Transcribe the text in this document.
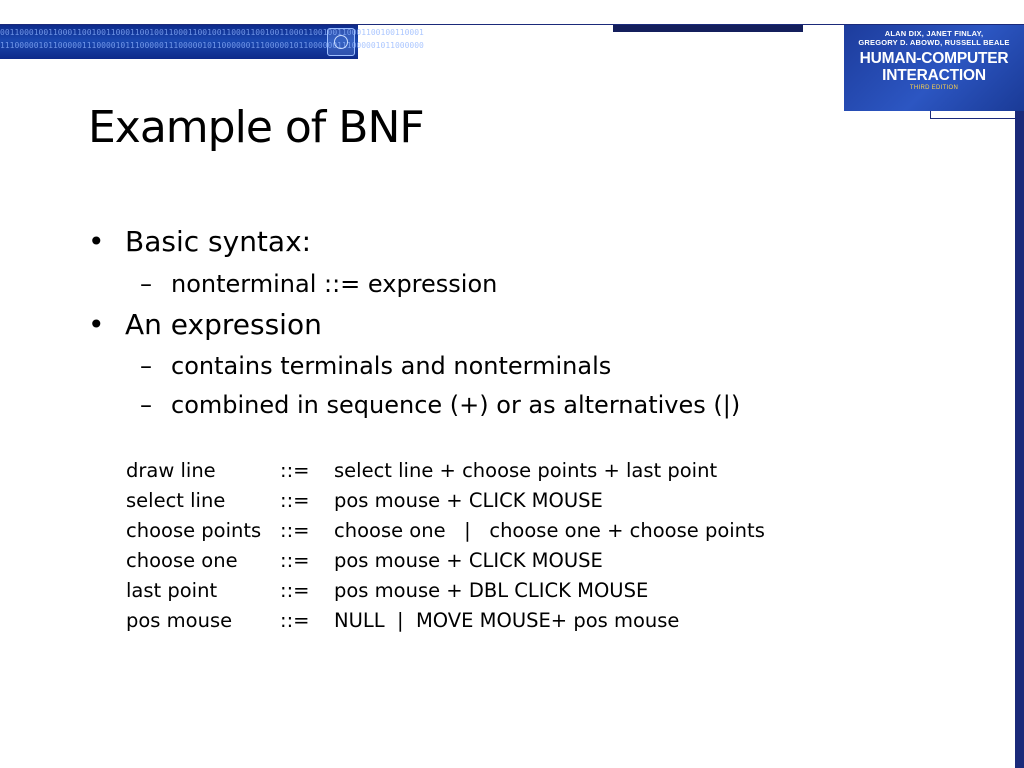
0011000100110001100100110001100100110001100100110001100100110001100100110001100100110001
1110000010110000011100001011100000111000001011000000111000001011000000111000001011000000
ALAN DIX, JANET FINLAY,
GREGORY D. ABOWD, RUSSELL BEALE
HUMAN-COMPUTER
INTERACTION
THIRD EDITION
Example of BNF

• Basic syntax:

– nonterminal ::= expression

• An expression

– contains terminals and nonterminals

– combined in sequence (+) or as alternatives (|)

draw line	::=	select line + choose points + last point
select line	::=	pos mouse + CLICK MOUSE
choose points	::=	choose one   |   choose one + choose points
choose one	::=	pos mouse + CLICK MOUSE
last point	::=	pos mouse + DBL CLICK MOUSE
pos mouse	::=	NULL  |  MOVE MOUSE+ pos mouse
